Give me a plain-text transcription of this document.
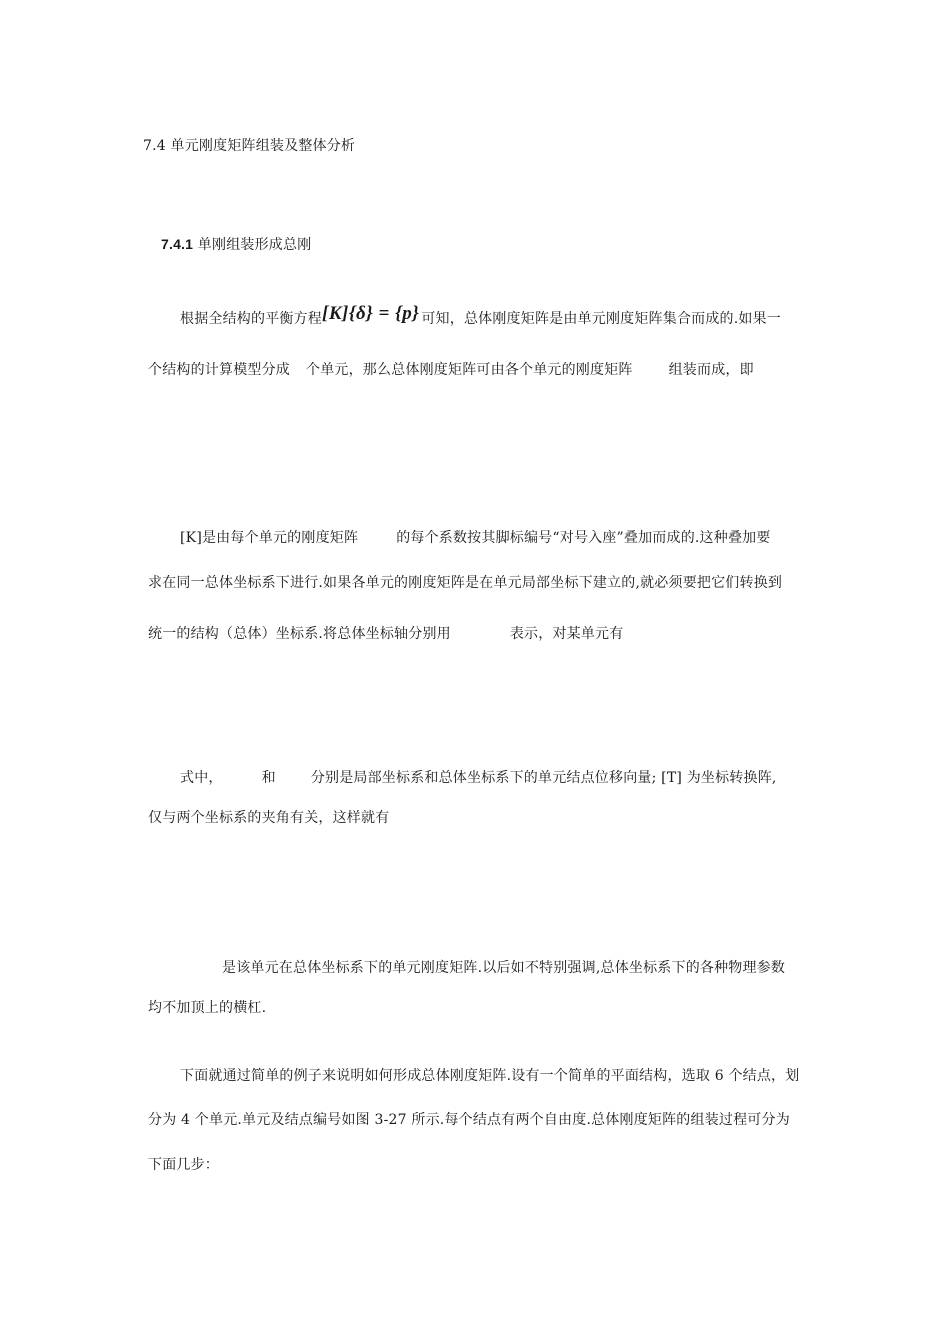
7.4 单元刚度矩阵组装及整体分析
7.4.1 单刚组装形成总刚
根据全结构的平衡方程[K]{δ} = {p} 可知，总体刚度矩阵是由单元刚度矩阵集合而成的.如果一
个结构的计算模型分成 个单元，那么总体刚度矩阵可由各个单元的刚度矩阵	组装而成，即
[K]是由每个单元的刚度矩阵	的每个系数按其脚标编号“对号入座”叠加而成的.这种叠加要
求在同一总体坐标系下进行.如果各单元的刚度矩阵是在单元局部坐标下建立的,就必须要把它们转换到
统一的结构（总体）坐标系.将总体坐标轴分别用	表示，对某单元有
式中，	和	分别是局部坐标系和总体坐标系下的单元结点位移向量; [T] 为坐标转换阵,
仅与两个坐标系的夹角有关，这样就有
是该单元在总体坐标系下的单元刚度矩阵.以后如不特别强调,总体坐标系下的各种物理参数
均不加顶上的横杠.
下面就通过简单的例子来说明如何形成总体刚度矩阵.设有一个简单的平面结构，选取 6 个结点，划
分为 4 个单元.单元及结点编号如图 3-27 所示.每个结点有两个自由度.总体刚度矩阵的组装过程可分为
下面几步：
